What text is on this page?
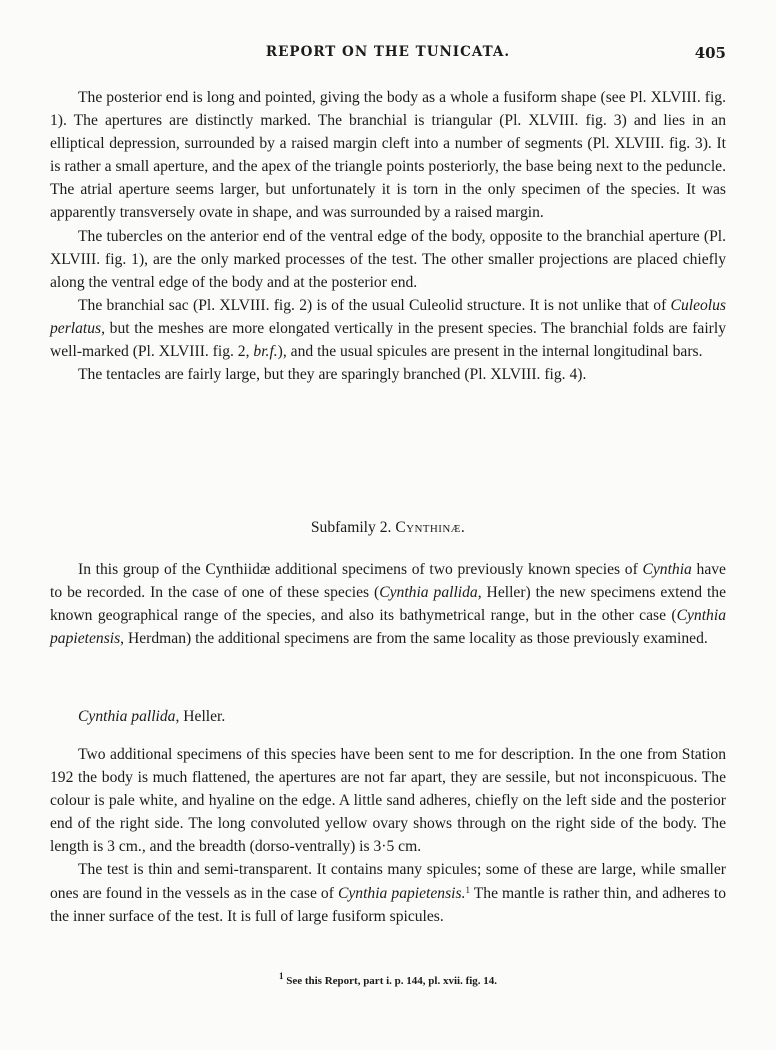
REPORT ON THE TUNICATA.	405

The posterior end is long and pointed, giving the body as a whole a fusiform shape (see Pl. XLVIII. fig. 1). The apertures are distinctly marked. The branchial is triangular (Pl. XLVIII. fig. 3) and lies in an elliptical depression, surrounded by a raised margin cleft into a number of segments (Pl. XLVIII. fig. 3). It is rather a small aperture, and the apex of the triangle points posteriorly, the base being next to the peduncle. The atrial aperture seems larger, but unfortunately it is torn in the only specimen of the species. It was apparently transversely ovate in shape, and was surrounded by a raised margin.

The tubercles on the anterior end of the ventral edge of the body, opposite to the branchial aperture (Pl. XLVIII. fig. 1), are the only marked processes of the test. The other smaller projections are placed chiefly along the ventral edge of the body and at the posterior end.

The branchial sac (Pl. XLVIII. fig. 2) is of the usual Culeolid structure. It is not unlike that of Culeolus perlatus, but the meshes are more elongated vertically in the present species. The branchial folds are fairly well-marked (Pl. XLVIII. fig. 2, br.f.), and the usual spicules are present in the internal longitudinal bars.

The tentacles are fairly large, but they are sparingly branched (Pl. XLVIII. fig. 4).

Subfamily 2. Cynthinæ.

In this group of the Cynthiidæ additional specimens of two previously known species of Cynthia have to be recorded. In the case of one of these species (Cynthia pallida, Heller) the new specimens extend the known geographical range of the species, and also its bathymetrical range, but in the other case (Cynthia papietensis, Herdman) the additional specimens are from the same locality as those previously examined.

Cynthia pallida, Heller.

Two additional specimens of this species have been sent to me for description. In the one from Station 192 the body is much flattened, the apertures are not far apart, they are sessile, but not inconspicuous. The colour is pale white, and hyaline on the edge. A little sand adheres, chiefly on the left side and the posterior end of the right side. The long convoluted yellow ovary shows through on the right side of the body. The length is 3 cm., and the breadth (dorso-ventrally) is 3·5 cm.

The test is thin and semi-transparent. It contains many spicules; some of these are large, while smaller ones are found in the vessels as in the case of Cynthia papietensis.$^1$ The mantle is rather thin, and adheres to the inner surface of the test. It is full of large fusiform spicules.

$^1$ See this Report, part i. p. 144, pl. xvii. fig. 14.
